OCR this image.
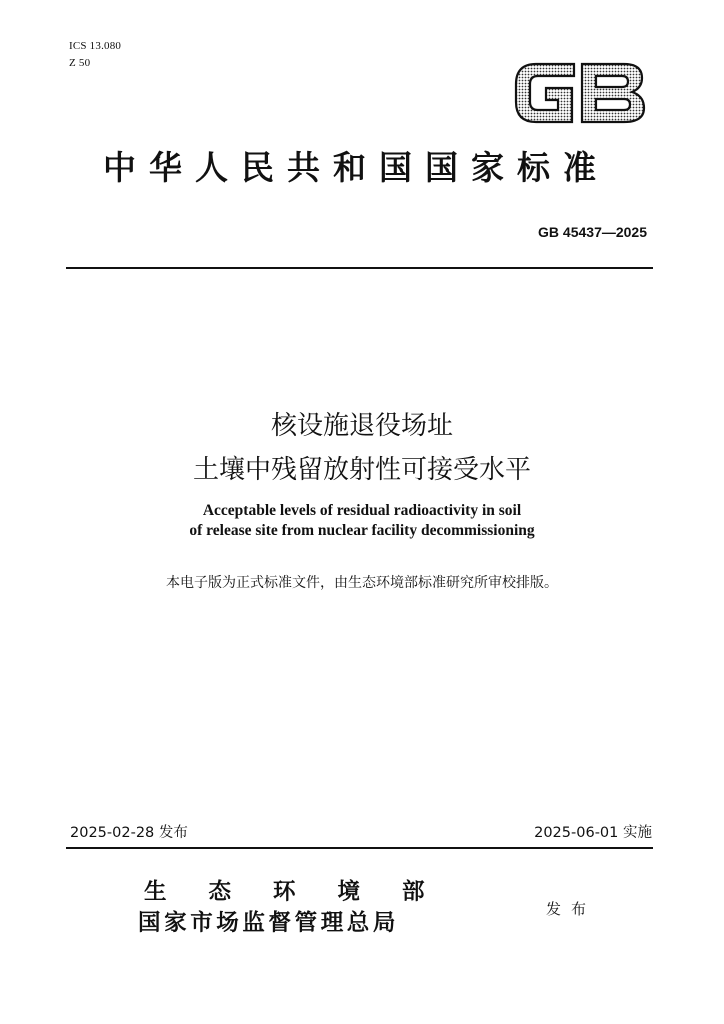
ICS 13.080
Z 50	GB
中华人民共和国国家标准
GB 45437—2025
核设施退役场址
土壤中残留放射性可接受水平
Acceptable levels of residual radioactivity in soil
of release site from nuclear facility decommissioning
本电子版为正式标准文件，由生态环境部标准研究所审校排版。
2025-02-28 发布	2025-06-01 实施
生态环境部
国家市场监督管理总局
发布
